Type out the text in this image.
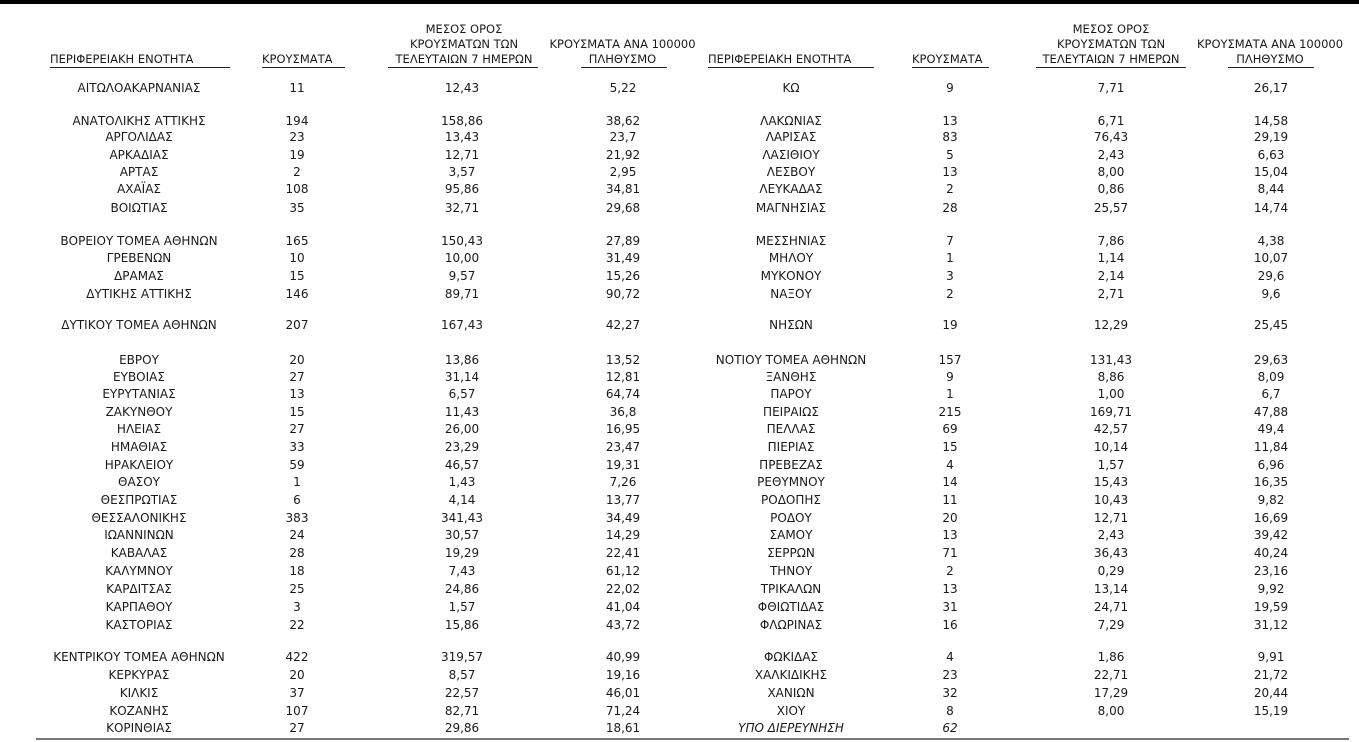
ΠΕΡΙΦΕΡΕΙΑΚΗ ΕΝΟΤΗΤΑ	ΚΡΟΥΣΜΑΤΑ
ΜΕΣΟΣ ΟΡΟΣ
ΚΡΟΥΣΜΑΤΩΝ ΤΩΝ
ΤΕΛΕΥΤΑΙΩΝ 7 ΗΜΕΡΩΝ
ΚΡΟΥΣΜΑΤΑ ΑΝΑ 100000
ΠΛΗΘΥΣΜΟ	ΠΕΡΙΦΕΡΕΙΑΚΗ ΕΝΟΤΗΤΑ	ΚΡΟΥΣΜΑΤΑ
ΜΕΣΟΣ ΟΡΟΣ
ΚΡΟΥΣΜΑΤΩΝ ΤΩΝ
ΤΕΛΕΥΤΑΙΩΝ 7 ΗΜΕΡΩΝ
ΚΡΟΥΣΜΑΤΑ ΑΝΑ 100000
ΠΛΗΘΥΣΜΟ
ΑΙΤΩΛΟΑΚΑΡΝΑΝΙΑΣ	11	12,43	5,22
ΑΝΑΤΟΛΙΚΗΣ ΑΤΤΙΚΗΣ	194	158,86	38,62
ΑΡΓΟΛΙΔΑΣ	23	13,43	23,7
ΑΡΚΑΔΙΑΣ	19	12,71	21,92
ΑΡΤΑΣ	2	3,57	2,95
ΑΧΑΪΑΣ	108	95,86	34,81
ΒΟΙΩΤΙΑΣ	35	32,71	29,68
ΒΟΡΕΙΟΥ ΤΟΜΕΑ ΑΘΗΝΩΝ	165	150,43	27,89
ΓΡΕΒΕΝΩΝ	10	10,00	31,49
ΔΡΑΜΑΣ	15	9,57	15,26
ΔΥΤΙΚΗΣ ΑΤΤΙΚΗΣ	146	89,71	90,72
ΔΥΤΙΚΟΥ ΤΟΜΕΑ ΑΘΗΝΩΝ	207	167,43	42,27
ΕΒΡΟΥ	20	13,86	13,52
ΕΥΒΟΙΑΣ	27	31,14	12,81
ΕΥΡΥΤΑΝΙΑΣ	13	6,57	64,74
ΖΑΚΥΝΘΟΥ	15	11,43	36,8
ΗΛΕΙΑΣ	27	26,00	16,95
ΗΜΑΘΙΑΣ	33	23,29	23,47
ΗΡΑΚΛΕΙΟΥ	59	46,57	19,31
ΘΑΣΟΥ	1	1,43	7,26
ΘΕΣΠΡΩΤΙΑΣ	6	4,14	13,77
ΘΕΣΣΑΛΟΝΙΚΗΣ	383	341,43	34,49
ΙΩΑΝΝΙΝΩΝ	24	30,57	14,29
ΚΑΒΑΛΑΣ	28	19,29	22,41
ΚΑΛΥΜΝΟΥ	18	7,43	61,12
ΚΑΡΔΙΤΣΑΣ	25	24,86	22,02
ΚΑΡΠΑΘΟΥ	3	1,57	41,04
ΚΑΣΤΟΡΙΑΣ	22	15,86	43,72
ΚΕΝΤΡΙΚΟΥ ΤΟΜΕΑ ΑΘΗΝΩΝ	422	319,57	40,99
ΚΕΡΚΥΡΑΣ	20	8,57	19,16
ΚΙΛΚΙΣ	37	22,57	46,01
ΚΟΖΑΝΗΣ	107	82,71	71,24
ΚΟΡΙΝΘΙΑΣ	27	29,86	18,61
ΚΩ	9	7,71	26,17
ΛΑΚΩΝΙΑΣ	13	6,71	14,58
ΛΑΡΙΣΑΣ	83	76,43	29,19
ΛΑΣΙΘΙΟΥ	5	2,43	6,63
ΛΕΣΒΟΥ	13	8,00	15,04
ΛΕΥΚΑΔΑΣ	2	0,86	8,44
ΜΑΓΝΗΣΙΑΣ	28	25,57	14,74
ΜΕΣΣΗΝΙΑΣ	7	7,86	4,38
ΜΗΛΟΥ	1	1,14	10,07
ΜΥΚΟΝΟΥ	3	2,14	29,6
ΝΑΞΟΥ	2	2,71	9,6
ΝΗΣΩΝ	19	12,29	25,45
ΝΟΤΙΟΥ ΤΟΜΕΑ ΑΘΗΝΩΝ	157	131,43	29,63
ΞΑΝΘΗΣ	9	8,86	8,09
ΠΑΡΟΥ	1	1,00	6,7
ΠΕΙΡΑΙΩΣ	215	169,71	47,88
ΠΕΛΛΑΣ	69	42,57	49,4
ΠΙΕΡΙΑΣ	15	10,14	11,84
ΠΡΕΒΕΖΑΣ	4	1,57	6,96
ΡΕΘΥΜΝΟΥ	14	15,43	16,35
ΡΟΔΟΠΗΣ	11	10,43	9,82
ΡΟΔΟΥ	20	12,71	16,69
ΣΑΜΟΥ	13	2,43	39,42
ΣΕΡΡΩΝ	71	36,43	40,24
ΤΗΝΟΥ	2	0,29	23,16
ΤΡΙΚΑΛΩΝ	13	13,14	9,92
ΦΘΙΩΤΙΔΑΣ	31	24,71	19,59
ΦΛΩΡΙΝΑΣ	16	7,29	31,12
ΦΩΚΙΔΑΣ	4	1,86	9,91
ΧΑΛΚΙΔΙΚΗΣ	23	22,71	21,72
ΧΑΝΙΩΝ	32	17,29	20,44
ΧΙΟΥ	8	8,00	15,19
ΥΠΟ ΔΙΕΡΕΥΝΗΣΗ	62
